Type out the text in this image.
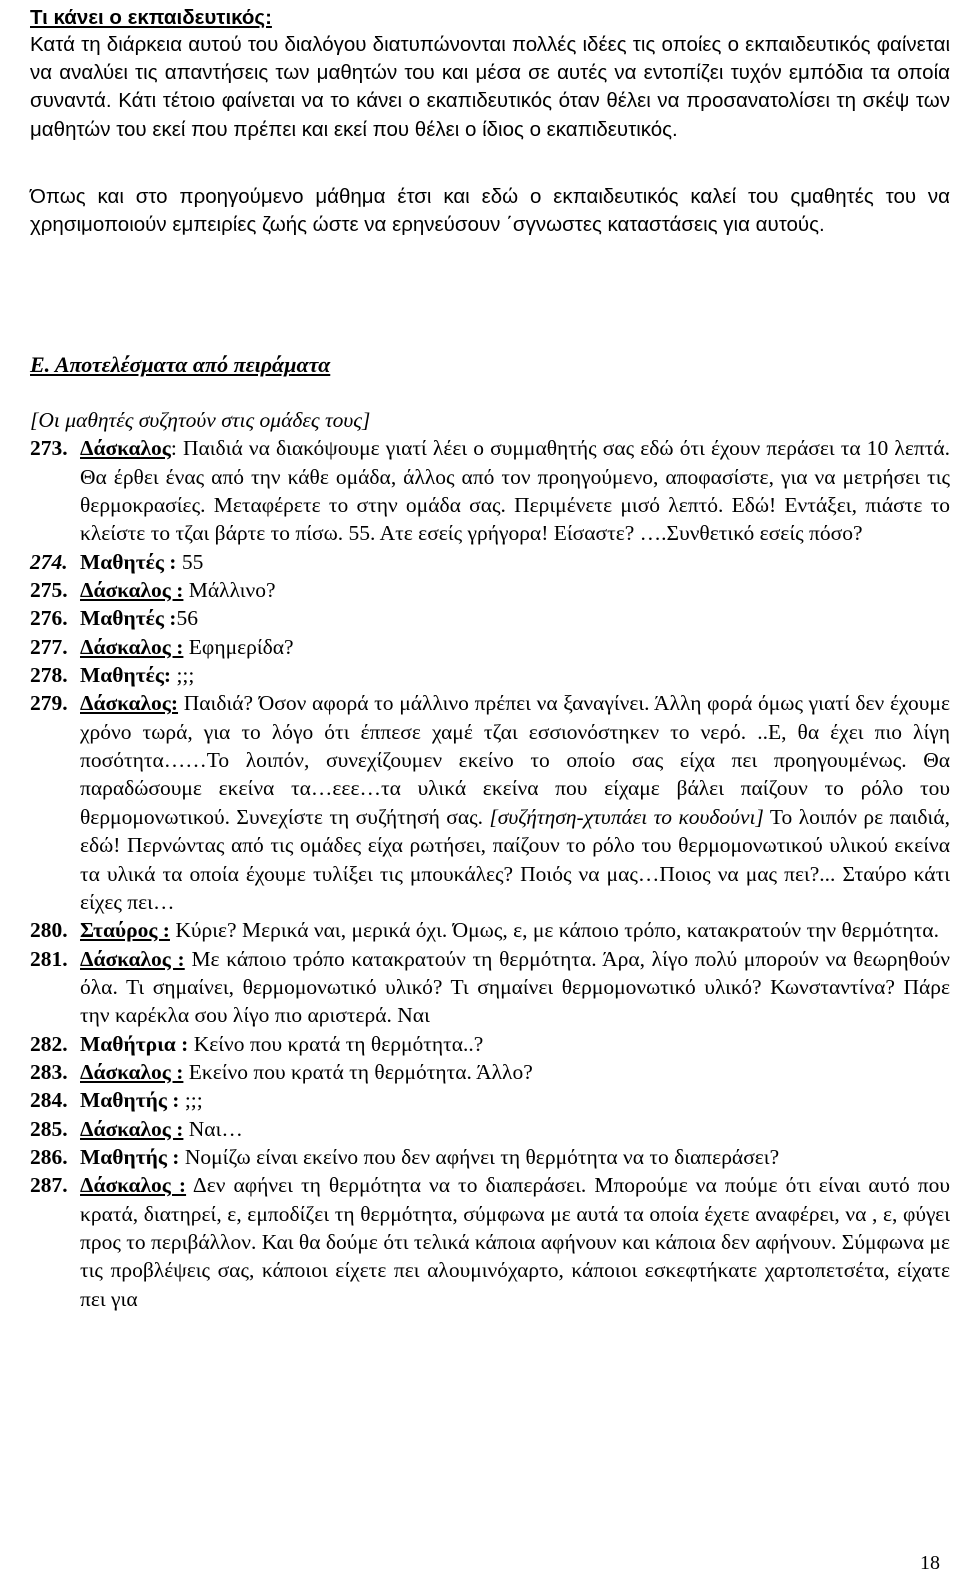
Τι κάνει ο εκπαιδευτικός:
Κατά τη διάρκεια αυτού του διαλόγου διατυπώνονται πολλές ιδέες τις οποίες ο εκπαιδευτικός φαίνεται να αναλύει τις απαντήσεις των μαθητών του και μέσα σε αυτές να εντοπίζει τυχόν εμπόδια τα οποία συναντά. Κάτι τέτοιο φαίνεται να το κάνει ο εκαπιδευτικός όταν θέλει να προσανατολίσει τη σκέψ των μαθητών του εκεί που πρέπει και εκεί που θέλει ο ίδιος ο εκαπιδευτικός.
Όπως και στο προηγούμενο μάθημα έτσι και εδώ ο εκπαιδευτικός καλεί του ςμαθητές του να χρησιμοποιούν εμπειρίες ζωής ώστε να ερηνεύσουν ΄σγνωστες καταστάσεις για αυτούς.
Ε. Αποτελέσματα από πειράματα
[Οι μαθητές συζητούν στις ομάδες τους]
273. Δάσκαλος: Παιδιά να διακόψουμε γιατί λέει ο συμμαθητής σας εδώ ότι έχουν περάσει τα 10 λεπτά. Θα έρθει ένας από την κάθε ομάδα, άλλος από τον προηγούμενο, αποφασίστε, για να μετρήσει τις θερμοκρασίες. Μεταφέρετε το στην ομάδα σας. Περιμένετε μισό λεπτό. Εδώ! Εντάξει, πιάστε το κλείστε το τζαι βάρτε το πίσω. 55. Ατε εσείς γρήγορα! Είσαστε? ….Συνθετικό εσείς πόσο?
274. Μαθητές : 55
275. Δάσκαλος : Μάλλινο?
276. Μαθητές :56
277. Δάσκαλος : Εφημερίδα?
278. Μαθητές: ;;;
279. Δάσκαλος: Παιδιά? Όσον αφορά το μάλλινο πρέπει να ξαναγίνει. Άλλη φορά όμως γιατί δεν έχουμε χρόνο τωρά, για το λόγο ότι έππεσε χαμέ τζαι εσσιονόστηκεν το νερό. ..Ε, θα έχει πιο λίγη ποσότητα……Το λοιπόν, συνεχίζουμεν εκείνο το οποίο σας είχα πει προηγουμένως. Θα παραδώσουμε εκείνα τα…εεε…τα υλικά εκείνα που είχαμε βάλει παίζουν το ρόλο του θερμομονωτικού. Συνεχίστε τη συζήτησή σας. [συζήτηση-χτυπάει το κουδούνι] Το λοιπόν ρε παιδιά, εδώ! Περνώντας από τις ομάδες είχα ρωτήσει, παίζουν το ρόλο του θερμομονωτικού υλικού εκείνα τα υλικά τα οποία έχουμε τυλίξει τις μπουκάλες? Ποιός να μας…Ποιος να μας πει?... Σταύρο κάτι είχες πει…
280. Σταύρος : Κύριε? Μερικά ναι, μερικά όχι. Όμως, ε, με κάποιο τρόπο, κατακρατούν την θερμότητα.
281. Δάσκαλος : Με κάποιο τρόπο κατακρατούν τη θερμότητα. Άρα, λίγο πολύ μπορούν να θεωρηθούν όλα. Τι σημαίνει, θερμομονωτικό υλικό? Τι σημαίνει θερμομονωτικό υλικό? Κωνσταντίνα? Πάρε την καρέκλα σου λίγο πιο αριστερά. Ναι
282. Μαθήτρια : Κείνο που κρατά τη θερμότητα..?
283. Δάσκαλος : Εκείνο που κρατά τη θερμότητα. Άλλο?
284. Μαθητής : ;;;
285. Δάσκαλος : Ναι…
286. Μαθητής : Νομίζω είναι εκείνο που δεν αφήνει τη θερμότητα να το διαπεράσει?
287. Δάσκαλος : Δεν αφήνει τη θερμότητα να το διαπεράσει. Μπορούμε να πούμε ότι είναι αυτό που κρατά, διατηρεί, ε, εμποδίζει τη θερμότητα, σύμφωνα με αυτά τα οποία έχετε αναφέρει, να , ε, φύγει προς το περιβάλλον. Και θα δούμε ότι τελικά κάποια αφήνουν και κάποια δεν αφήνουν. Σύμφωνα με τις προβλέψεις σας, κάποιοι είχετε πει αλουμινόχαρτο, κάποιοι εσκεφτήκατε χαρτοπετσέτα, είχατε πει για
18
